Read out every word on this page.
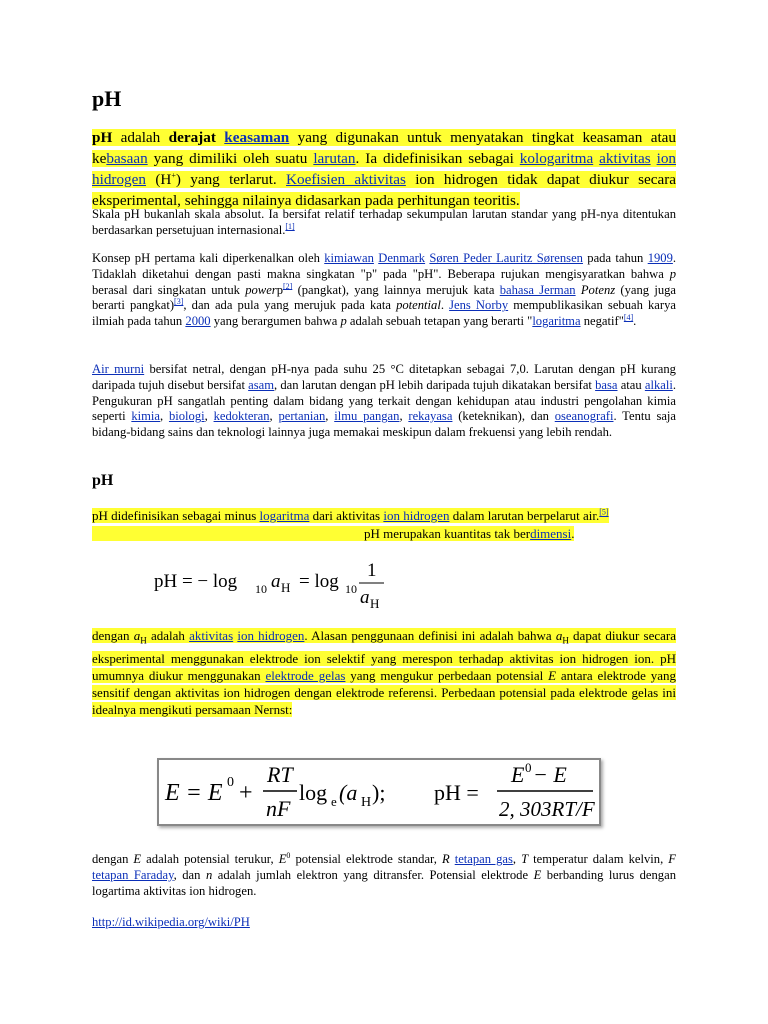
pH
pH adalah derajat keasaman yang digunakan untuk menyatakan tingkat keasaman atau kebasaan yang dimiliki oleh suatu larutan. Ia didefinisikan sebagai kologaritma aktivitas ion hidrogen (H+) yang terlarut. Koefisien aktivitas ion hidrogen tidak dapat diukur secara eksperimental, sehingga nilainya didasarkan pada perhitungan teoritis.
Skala pH bukanlah skala absolut. Ia bersifat relatif terhadap sekumpulan larutan standar yang pH-nya ditentukan berdasarkan persetujuan internasional.[1]
Konsep pH pertama kali diperkenalkan oleh kimiawan Denmark Søren Peder Lauritz Sørensen pada tahun 1909. Tidaklah diketahui dengan pasti makna singkatan "p" pada "pH". Beberapa rujukan mengisyaratkan bahwa p berasal dari singkatan untuk powerp[2] (pangkat), yang lainnya merujuk kata bahasa Jerman Potenz (yang juga berarti pangkat)[3], dan ada pula yang merujuk pada kata potential. Jens Norby mempublikasikan sebuah karya ilmiah pada tahun 2000 yang berargumen bahwa p adalah sebuah tetapan yang berarti "logaritma negatif"[4].
Air murni bersifat netral, dengan pH-nya pada suhu 25 °C ditetapkan sebagai 7,0. Larutan dengan pH kurang daripada tujuh disebut bersifat asam, dan larutan dengan pH lebih daripada tujuh dikatakan bersifat basa atau alkali. Pengukuran pH sangatlah penting dalam bidang yang terkait dengan kehidupan atau industri pengolahan kimia seperti kimia, biologi, kedokteran, pertanian, ilmu pangan, rekayasa (keteknikan), dan oseanografi. Tentu saja bidang-bidang sains dan teknologi lainnya juga memakai meskipun dalam frekuensi yang lebih rendah.
pH
pH didefinisikan sebagai minus logaritma dari aktivitas ion hidrogen dalam larutan berpelarut air.[5]pH merupakan kuantitas tak berdimensi.
pH = − log 10 a H = log 10
1
a H
dengan $a_H$ adalah aktivitas ion hidrogen. Alasan penggunaan definisi ini adalah bahwa $a_H$ dapat diukur secara eksperimental menggunakan elektrode ion selektif yang merespon terhadap aktivitas ion hidrogen ion. pH umumnya diukur menggunakan elektrode gelas yang mengukur perbedaan potensial E antara elektrode yang sensitif dengan aktivitas ion hidrogen dengan elektrode referensi. Perbedaan potensial pada elektrode gelas ini idealnya mengikuti persamaan Nernst:
E = E 0 +
RT
nF
log e (a H ); pH =
E 0 − E
2, 303RT/F
dengan E adalah potensial terukur, $E^0$ potensial elektrode standar, R tetapan gas, T temperatur dalam kelvin, F tetapan Faraday, dan n adalah jumlah elektron yang ditransfer. Potensial elektrode E berbanding lurus dengan logartima aktivitas ion hidrogen.
http://id.wikipedia.org/wiki/PH
